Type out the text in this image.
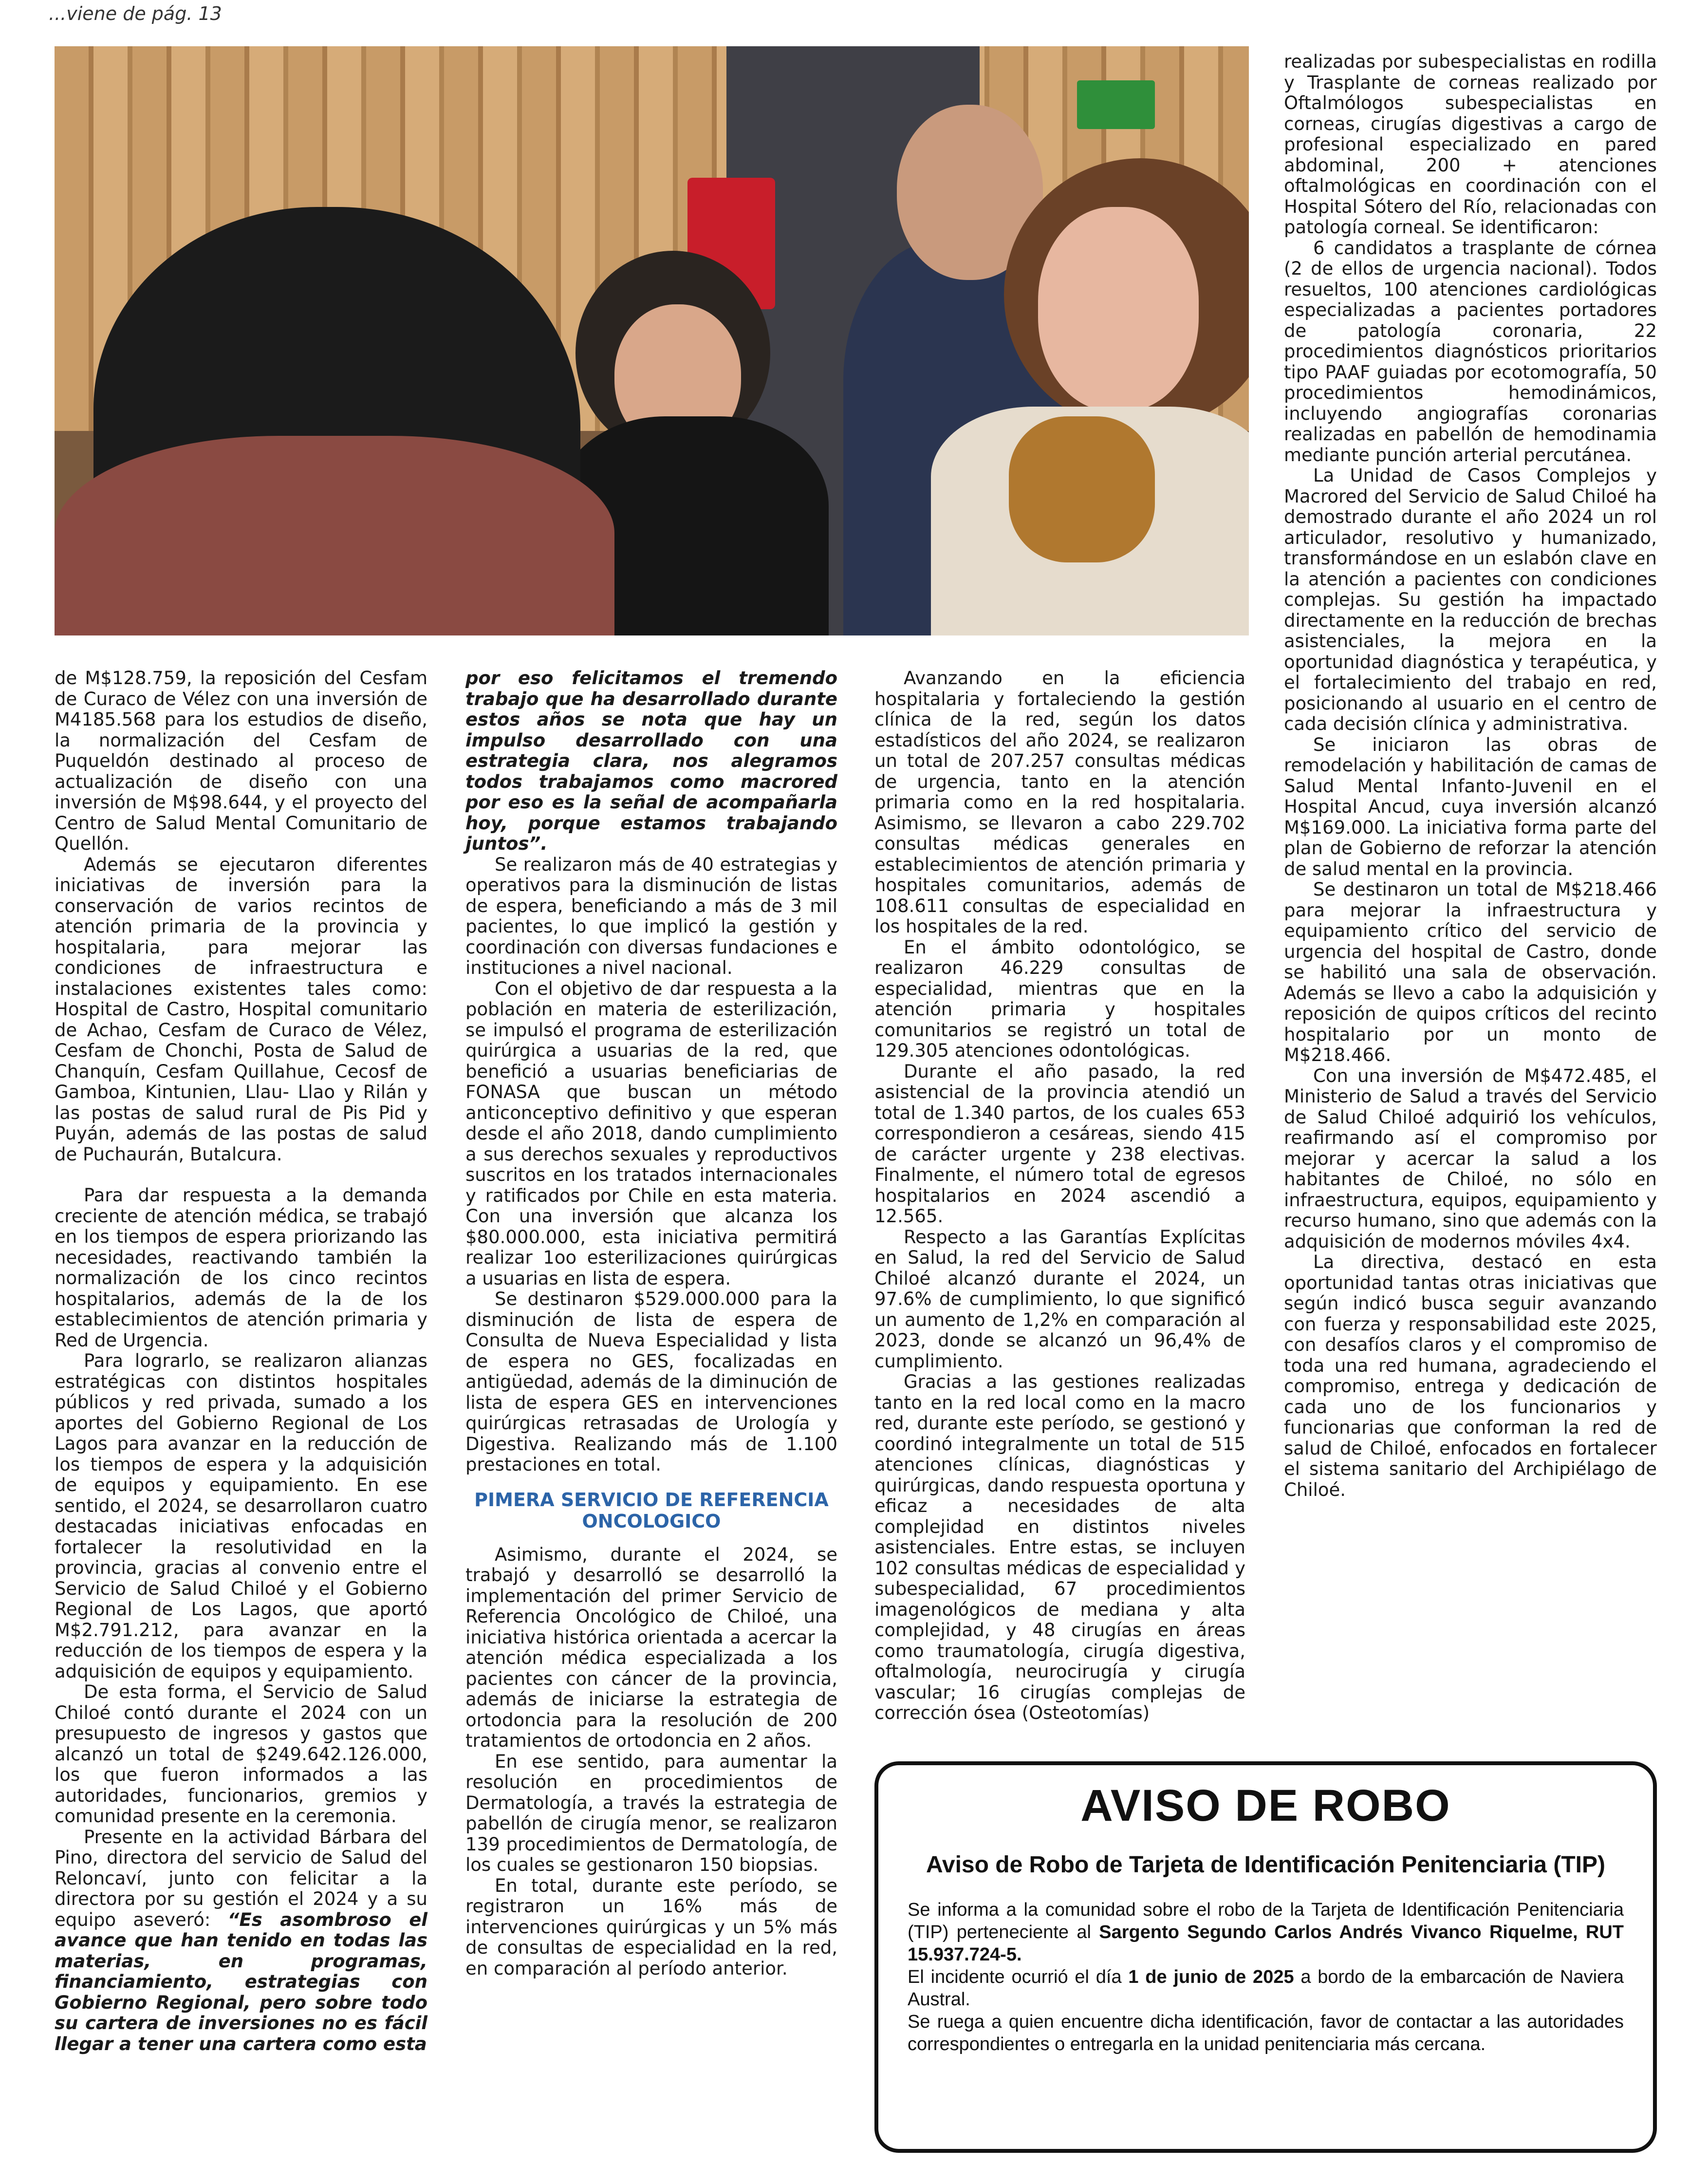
...viene de pág. 13

de M$128.759, la reposición del Cesfam de Curaco de Vélez con una inversión de M4185.568 para los estudios de diseño, la normalización del Cesfam de Puqueldón destinado al proceso de actualización de diseño con una inversión de M$98.644, y el proyecto del Centro de Salud Mental Comunitario de Quellón.

Además se ejecutaron diferentes iniciativas de inversión para la conservación de varios recintos de atención primaria de la provincia y hospitalaria, para mejorar las condiciones de infraestructura e instalaciones existentes tales como: Hospital de Castro, Hospital comunitario de Achao, Cesfam de Curaco de Vélez, Cesfam de Chonchi, Posta de Salud de Chanquín, Cesfam Quillahue, Cecosf de Gamboa, Kintunien, Llau- Llao y Rilán y las postas de salud rural de Pis Pid y Puyán, además de las postas de salud de Puchaurán, Butalcura.

Para dar respuesta a la demanda creciente de atención médica, se trabajó en los tiempos de espera priorizando las necesidades, reactivando también la normalización de los cinco recintos hospitalarios, además de la de los establecimientos de atención primaria y Red de Urgencia.

Para lograrlo, se realizaron alianzas estratégicas con distintos hospitales públicos y red privada, sumado a los aportes del Gobierno Regional de Los Lagos para avanzar en la reducción de los tiempos de espera y la adquisición de equipos y equipamiento. En ese sentido, el 2024, se desarrollaron cuatro destacadas iniciativas enfocadas en fortalecer la resolutividad en la provincia, gracias al convenio entre el Servicio de Salud Chiloé y el Gobierno Regional de Los Lagos, que aportó M$2.791.212, para avanzar en la reducción de los tiempos de espera y la adquisición de equipos y equipamiento.

De esta forma, el Servicio de Salud Chiloé contó durante el 2024 con un presupuesto de ingresos y gastos que alcanzó un total de $249.642.126.000, los que fueron informados a las autoridades, funcionarios, gremios y comunidad presente en la ceremonia.

Presente en la actividad Bárbara del Pino, directora del servicio de Salud del Reloncaví, junto con felicitar a la directora por su gestión el 2024 y a su equipo aseveró: “Es asombroso el avance que han tenido en todas las materias, en programas, financiamiento, estrategias con Gobierno Regional, pero sobre todo su cartera de inversiones no es fácil llegar a tener una cartera como esta

por eso felicitamos el tremendo trabajo que ha desarrollado durante estos años se nota que hay un impulso desarrollado con una estrategia clara, nos alegramos todos trabajamos como macrored por eso es la señal de acompañarla hoy, porque estamos trabajando juntos”.

Se realizaron más de 40 estrategias y operativos para la disminución de listas de espera, beneficiando a más de 3 mil pacientes, lo que implicó la gestión y coordinación con diversas fundaciones e instituciones a nivel nacional.

Con el objetivo de dar respuesta a la población en materia de esterilización, se impulsó el programa de esterilización quirúrgica a usuarias de la red, que benefició a usuarias beneficiarias de FONASA que buscan un método anticonceptivo definitivo y que esperan desde el año 2018, dando cumplimiento a sus derechos sexuales y reproductivos suscritos en los tratados internacionales y ratificados por Chile en esta materia. Con una inversión que alcanza los $80.000.000, esta iniciativa permitirá realizar 1oo esterilizaciones quirúrgicas a usuarias en lista de espera.

Se destinaron $529.000.000 para la disminución de lista de espera de Consulta de Nueva Especialidad y lista de espera no GES, focalizadas en antigüedad, además de la diminución de lista de espera GES en intervenciones quirúrgicas retrasadas de Urología y Digestiva. Realizando más de 1.100 prestaciones en total.

PIMERA SERVICIO DE REFERENCIA ONCOLOGICO

Asimismo, durante el 2024, se trabajó y desarrolló se desarrolló la implementación del primer Servicio de Referencia Oncológico de Chiloé, una iniciativa histórica orientada a acercar la atención médica especializada a los pacientes con cáncer de la provincia, además de iniciarse la estrategia de ortodoncia para la resolución de 200 tratamientos de ortodoncia en 2 años.

En ese sentido, para aumentar la resolución en procedimientos de Dermatología, a través la estrategia de pabellón de cirugía menor, se realizaron 139 procedimientos de Dermatología, de los cuales se gestionaron 150 biopsias.

En total, durante este período, se registraron un 16% más de intervenciones quirúrgicas y un 5% más de consultas de especialidad en la red, en comparación al período anterior.

Avanzando en la eficiencia hospitalaria y fortaleciendo la gestión clínica de la red, según los datos estadísticos del año 2024, se realizaron un total de 207.257 consultas médicas de urgencia, tanto en la atención primaria como en la red hospitalaria. Asimismo, se llevaron a cabo 229.702 consultas médicas generales en establecimientos de atención primaria y hospitales comunitarios, además de 108.611 consultas de especialidad en los hospitales de la red.

En el ámbito odontológico, se realizaron 46.229 consultas de especialidad, mientras que en la atención primaria y hospitales comunitarios se registró un total de 129.305 atenciones odontológicas.

Durante el año pasado, la red asistencial de la provincia atendió un total de 1.340 partos, de los cuales 653 correspondieron a cesáreas, siendo 415 de carácter urgente y 238 electivas. Finalmente, el número total de egresos hospitalarios en 2024 ascendió a 12.565.

Respecto a las Garantías Explícitas en Salud, la red del Servicio de Salud Chiloé alcanzó durante el 2024, un 97.6% de cumplimiento, lo que significó un aumento de 1,2% en comparación al 2023, donde se alcanzó un 96,4% de cumplimiento.

Gracias a las gestiones realizadas tanto en la red local como en la macro red, durante este período, se gestionó y coordinó integralmente un total de 515 atenciones clínicas, diagnósticas y quirúrgicas, dando respuesta oportuna y eficaz a necesidades de alta complejidad en distintos niveles asistenciales. Entre estas, se incluyen 102 consultas médicas de especialidad y subespecialidad, 67 procedimientos imagenológicos de mediana y alta complejidad, y 48 cirugías en áreas como traumatología, cirugía digestiva, oftalmología, neurocirugía y cirugía vascular; 16 cirugías complejas de corrección ósea (Osteotomías)

realizadas por subespecialistas en rodilla y Trasplante de corneas realizado por Oftalmólogos subespecialistas en corneas, cirugías digestivas a cargo de profesional especializado en pared abdominal, 200 + atenciones oftalmológicas en coordinación con el Hospital Sótero del Río, relacionadas con patología corneal. Se identificaron:

6 candidatos a trasplante de córnea (2 de ellos de urgencia nacional). Todos resueltos, 100 atenciones cardiológicas especializadas a pacientes portadores de patología coronaria, 22 procedimientos diagnósticos prioritarios tipo PAAF guiadas por ecotomografía, 50 procedimientos hemodinámicos, incluyendo angiografías coronarias realizadas en pabellón de hemodinamia mediante punción arterial percutánea.

La Unidad de Casos Complejos y Macrored del Servicio de Salud Chiloé ha demostrado durante el año 2024 un rol articulador, resolutivo y humanizado, transformándose en un eslabón clave en la atención a pacientes con condiciones complejas. Su gestión ha impactado directamente en la reducción de brechas asistenciales, la mejora en la oportunidad diagnóstica y terapéutica, y el fortalecimiento del trabajo en red, posicionando al usuario en el centro de cada decisión clínica y administrativa.

Se iniciaron las obras de remodelación y habilitación de camas de Salud Mental Infanto-Juvenil en el Hospital Ancud, cuya inversión alcanzó M$169.000. La iniciativa forma parte del plan de Gobierno de reforzar la atención de salud mental en la provincia.

Se destinaron un total de M$218.466 para mejorar la infraestructura y equipamiento crítico del servicio de urgencia del hospital de Castro, donde se habilitó una sala de observación. Además se llevo a cabo la adquisición y reposición de quipos críticos del recinto hospitalario por un monto de M$218.466.

Con una inversión de M$472.485, el Ministerio de Salud a través del Servicio de Salud Chiloé adquirió los vehículos, reafirmando así el compromiso por mejorar y acercar la salud a los habitantes de Chiloé, no sólo en infraestructura, equipos, equipamiento y recurso humano, sino que además con la adquisición de modernos móviles 4x4.

La directiva, destacó en esta oportunidad tantas otras iniciativas que según indicó busca seguir avanzando con fuerza y responsabilidad este 2025, con desafíos claros y el compromiso de toda una red humana, agradeciendo el compromiso, entrega y dedicación de cada uno de los funcionarios y funcionarias que conforman la red de salud de Chiloé, enfocados en fortalecer el sistema sanitario del Archipiélago de Chiloé.

AVISO DE ROBO
Aviso de Robo de Tarjeta de Identificación Penitenciaria (TIP)

Se informa a la comunidad sobre el robo de la Tarjeta de Identificación Penitenciaria (TIP) perteneciente al Sargento Segundo Carlos Andrés Vivanco Riquelme, RUT 15.937.724-5.

El incidente ocurrió el día 1 de junio de 2025 a bordo de la embarcación de Naviera Austral.

Se ruega a quien encuentre dicha identificación, favor de contactar a las autoridades correspondientes o entregarla en la unidad penitenciaria más cercana.
